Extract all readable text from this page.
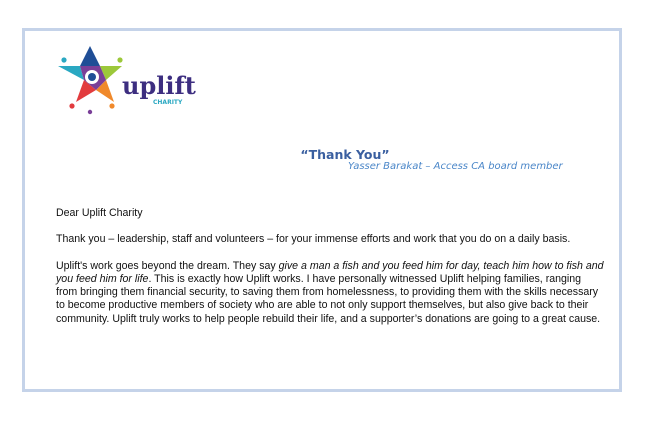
uplift
CHARITY
“Thank You”
Yasser Barakat – Access CA board member

Dear Uplift Charity

Thank you – leadership, staff and volunteers – for your immense efforts and work that you do on a daily basis.

Uplift's work goes beyond the dream. They say give a man a fish and you feed him for day, teach him how to fish and you feed him for life. This is exactly how Uplift works. I have personally witnessed Uplift helping families, ranging from bringing them financial security, to saving them from homelessness, to providing them with the skills necessary to become productive members of society who are able to not only support themselves, but also give back to their community. Uplift truly works to help people rebuild their life, and a supporter’s donations are going to a great cause.
